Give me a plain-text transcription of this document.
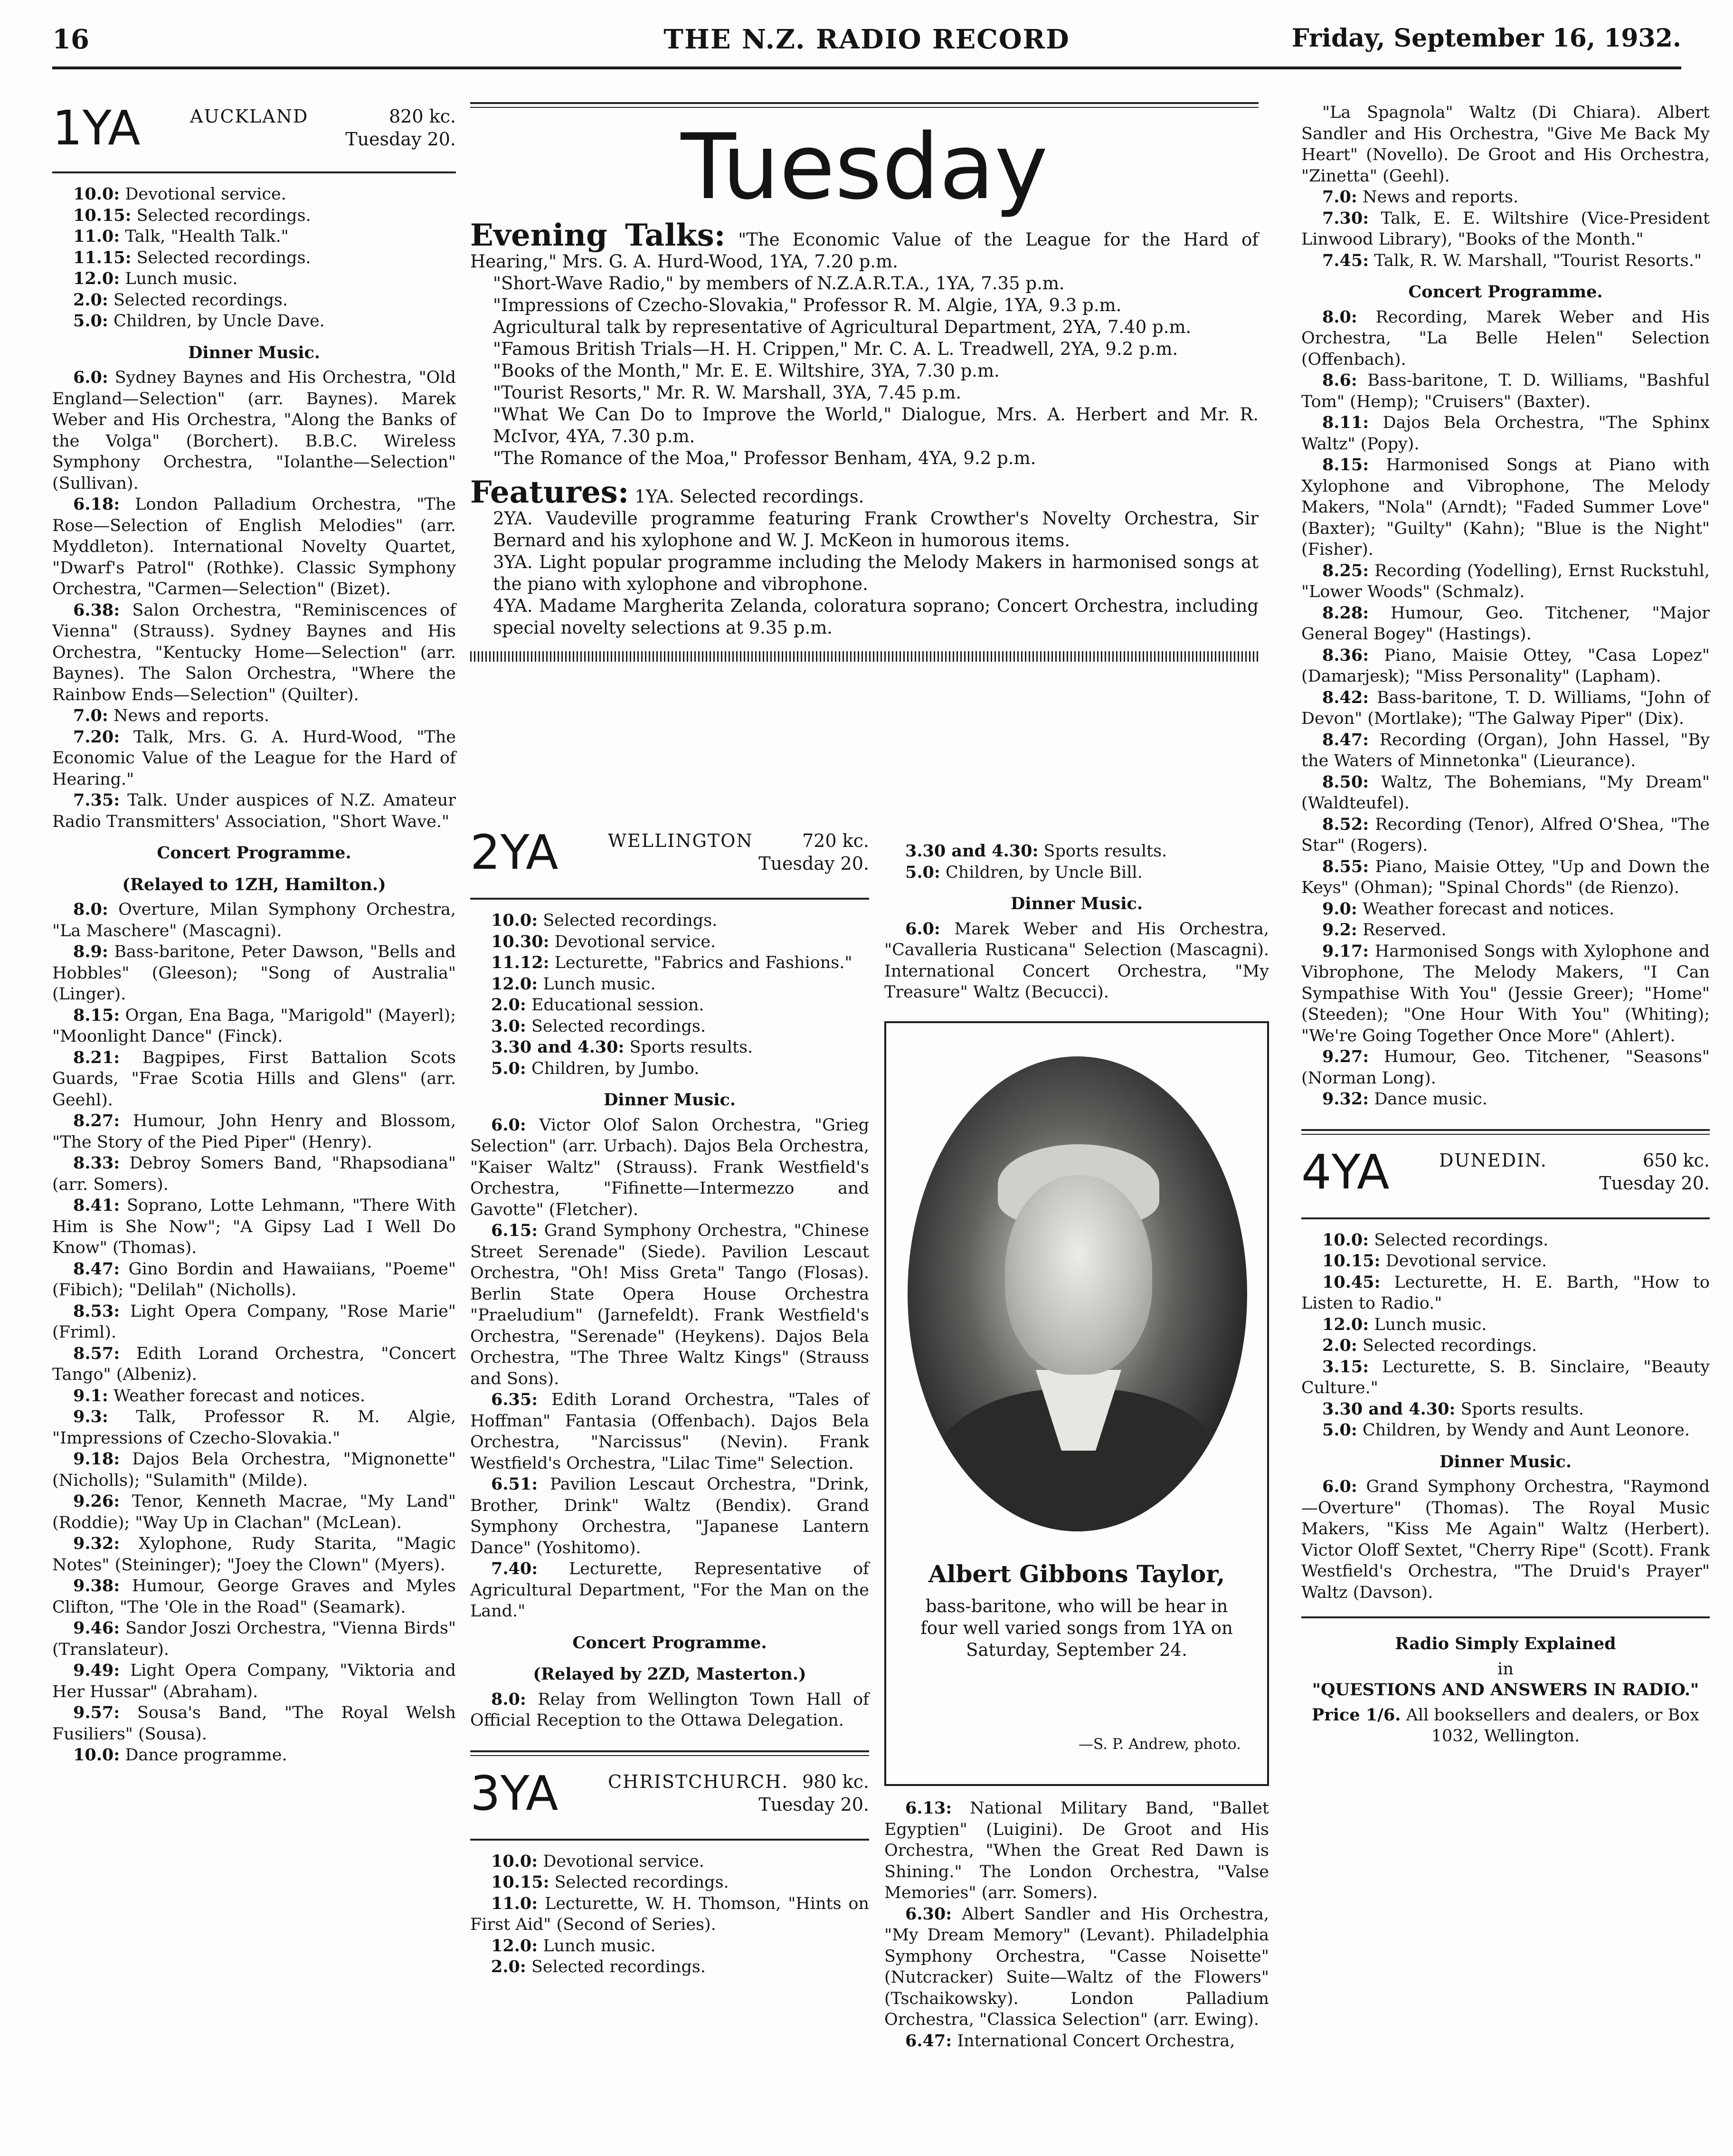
16	THE N.Z. RADIO RECORD	Friday, September 16, 1932.
1YA	AUCKLAND	820 kc.
Tuesday 20.

10.0: Devotional service.

10.15: Selected recordings.

11.0: Talk, "Health Talk."

11.15: Selected recordings.

12.0: Lunch music.

2.0: Selected recordings.

5.0: Children, by Uncle Dave.

Dinner Music.

6.0: Sydney Baynes and His Orchestra, "Old England—Selection" (arr. Baynes). Marek Weber and His Orchestra, "Along the Banks of the Volga" (Borchert). B.B.C. Wireless Symphony Orchestra, "Iolanthe—Selection" (Sullivan).

6.18: London Palladium Orchestra, "The Rose—Selection of English Melodies" (arr. Myddleton). International Novelty Quartet, "Dwarf's Patrol" (Rothke). Classic Symphony Orchestra, "Carmen—Selection" (Bizet).

6.38: Salon Orchestra, "Reminiscences of Vienna" (Strauss). Sydney Baynes and His Orchestra, "Kentucky Home—Selection" (arr. Baynes). The Salon Orchestra, "Where the Rainbow Ends—Selection" (Quilter).

7.0: News and reports.

7.20: Talk, Mrs. G. A. Hurd-Wood, "The Economic Value of the League for the Hard of Hearing."

7.35: Talk. Under auspices of N.Z. Amateur Radio Transmitters' Association, "Short Wave."

Concert Programme.

(Relayed to 1ZH, Hamilton.)

8.0: Overture, Milan Symphony Orchestra, "La Maschere" (Mascagni).

8.9: Bass-baritone, Peter Dawson, "Bells and Hobbles" (Gleeson); "Song of Australia" (Linger).

8.15: Organ, Ena Baga, "Marigold" (Mayerl); "Moonlight Dance" (Finck).

8.21: Bagpipes, First Battalion Scots Guards, "Frae Scotia Hills and Glens" (arr. Geehl).

8.27: Humour, John Henry and Blossom, "The Story of the Pied Piper" (Henry).

8.33: Debroy Somers Band, "Rhapsodiana" (arr. Somers).

8.41: Soprano, Lotte Lehmann, "There With Him is She Now"; "A Gipsy Lad I Well Do Know" (Thomas).

8.47: Gino Bordin and Hawaiians, "Poeme" (Fibich); "Delilah" (Nicholls).

8.53: Light Opera Company, "Rose Marie" (Friml).

8.57: Edith Lorand Orchestra, "Concert Tango" (Albeniz).

9.1: Weather forecast and notices.

9.3: Talk, Professor R. M. Algie, "Impressions of Czecho-Slovakia."

9.18: Dajos Bela Orchestra, "Mignonette" (Nicholls); "Sulamith" (Milde).

9.26: Tenor, Kenneth Macrae, "My Land" (Roddie); "Way Up in Clachan" (McLean).

9.32: Xylophone, Rudy Starita, "Magic Notes" (Steininger); "Joey the Clown" (Myers).

9.38: Humour, George Graves and Myles Clifton, "The 'Ole in the Road" (Seamark).

9.46: Sandor Joszi Orchestra, "Vienna Birds" (Translateur).

9.49: Light Opera Company, "Viktoria and Her Hussar" (Abraham).

9.57: Sousa's Band, "The Royal Welsh Fusiliers" (Sousa).

10.0: Dance programme.

Tuesday
Evening Talks: "The Economic Value of the League for the Hard of Hearing," Mrs. G. A. Hurd-Wood, 1YA, 7.20 p.m.
"Short-Wave Radio," by members of N.Z.A.R.T.A., 1YA, 7.35 p.m.
"Impressions of Czecho-Slovakia," Professor R. M. Algie, 1YA, 9.3 p.m.
Agricultural talk by representative of Agricultural Department, 2YA, 7.40 p.m.
"Famous British Trials—H. H. Crippen," Mr. C. A. L. Treadwell, 2YA, 9.2 p.m.
"Books of the Month," Mr. E. E. Wiltshire, 3YA, 7.30 p.m.
"Tourist Resorts," Mr. R. W. Marshall, 3YA, 7.45 p.m.
"What We Can Do to Improve the World," Dialogue, Mrs. A. Herbert and Mr. R. McIvor, 4YA, 7.30 p.m.
"The Romance of the Moa," Professor Benham, 4YA, 9.2 p.m.
Features: 1YA. Selected recordings.
2YA. Vaudeville programme featuring Frank Crowther's Novelty Orchestra, Sir Bernard and his xylophone and W. J. McKeon in humorous items.
3YA. Light popular programme including the Melody Makers in harmonised songs at the piano with xylophone and vibrophone.
4YA. Madame Margherita Zelanda, coloratura soprano; Concert Orchestra, including special novelty selections at 9.35 p.m.
2YA	WELLINGTON	720 kc.
Tuesday 20.

10.0: Selected recordings.

10.30: Devotional service.

11.12: Lecturette, "Fabrics and Fashions."

12.0: Lunch music.

2.0: Educational session.

3.0: Selected recordings.

3.30 and 4.30: Sports results.

5.0: Children, by Jumbo.

Dinner Music.

6.0: Victor Olof Salon Orchestra, "Grieg Selection" (arr. Urbach). Dajos Bela Orchestra, "Kaiser Waltz" (Strauss). Frank Westfield's Orchestra, "Fifinette—Intermezzo and Gavotte" (Fletcher).

6.15: Grand Symphony Orchestra, "Chinese Street Serenade" (Siede). Pavilion Lescaut Orchestra, "Oh! Miss Greta" Tango (Flosas). Berlin State Opera House Orchestra "Praeludium" (Jarnefeldt). Frank Westfield's Orchestra, "Serenade" (Heykens). Dajos Bela Orchestra, "The Three Waltz Kings" (Strauss and Sons).

6.35: Edith Lorand Orchestra, "Tales of Hoffman" Fantasia (Offenbach). Dajos Bela Orchestra, "Narcissus" (Nevin). Frank Westfield's Orchestra, "Lilac Time" Selection.

6.51: Pavilion Lescaut Orchestra, "Drink, Brother, Drink" Waltz (Bendix). Grand Symphony Orchestra, "Japanese Lantern Dance" (Yoshitomo).

7.40: Lecturette, Representative of Agricultural Department, "For the Man on the Land."

Concert Programme.

(Relayed by 2ZD, Masterton.)

8.0: Relay from Wellington Town Hall of Official Reception to the Ottawa Delegation.

3YA	CHRISTCHURCH. 980 kc.
Tuesday 20.

10.0: Devotional service.

10.15: Selected recordings.

11.0: Lecturette, W. H. Thomson, "Hints on First Aid" (Second of Series).

12.0: Lunch music.

2.0: Selected recordings.

3.30 and 4.30: Sports results.

5.0: Children, by Uncle Bill.

Dinner Music.

6.0: Marek Weber and His Orchestra, "Cavalleria Rusticana" Selection (Mascagni). International Concert Orchestra, "My Treasure" Waltz (Becucci).

Albert Gibbons Taylor,
bass-baritone, who will be hear in four well varied songs from 1YA on Saturday, September 24.
—S. P. Andrew, photo.

6.13: National Military Band, "Ballet Egyptien" (Luigini). De Groot and His Orchestra, "When the Great Red Dawn is Shining." The London Orchestra, "Valse Memories" (arr. Somers).

6.30: Albert Sandler and His Orchestra, "My Dream Memory" (Levant). Philadelphia Symphony Orchestra, "Casse Noisette" (Nutcracker) Suite—Waltz of the Flowers" (Tschaikowsky). London Palladium Orchestra, "Classica Selection" (arr. Ewing).

6.47: International Concert Orchestra,

"La Spagnola" Waltz (Di Chiara). Albert Sandler and His Orchestra, "Give Me Back My Heart" (Novello). De Groot and His Orchestra, "Zinetta" (Geehl).

7.0: News and reports.

7.30: Talk, E. E. Wiltshire (Vice-President Linwood Library), "Books of the Month."

7.45: Talk, R. W. Marshall, "Tourist Resorts."

Concert Programme.

8.0: Recording, Marek Weber and His Orchestra, "La Belle Helen" Selection (Offenbach).

8.6: Bass-baritone, T. D. Williams, "Bashful Tom" (Hemp); "Cruisers" (Baxter).

8.11: Dajos Bela Orchestra, "The Sphinx Waltz" (Popy).

8.15: Harmonised Songs at Piano with Xylophone and Vibrophone, The Melody Makers, "Nola" (Arndt); "Faded Summer Love" (Baxter); "Guilty" (Kahn); "Blue is the Night" (Fisher).

8.25: Recording (Yodelling), Ernst Ruckstuhl, "Lower Woods" (Schmalz).

8.28: Humour, Geo. Titchener, "Major General Bogey" (Hastings).

8.36: Piano, Maisie Ottey, "Casa Lopez" (Damarjesk); "Miss Personality" (Lapham).

8.42: Bass-baritone, T. D. Williams, "John of Devon" (Mortlake); "The Galway Piper" (Dix).

8.47: Recording (Organ), John Hassel, "By the Waters of Minnetonka" (Lieurance).

8.50: Waltz, The Bohemians, "My Dream" (Waldteufel).

8.52: Recording (Tenor), Alfred O'Shea, "The Star" (Rogers).

8.55: Piano, Maisie Ottey, "Up and Down the Keys" (Ohman); "Spinal Chords" (de Rienzo).

9.0: Weather forecast and notices.

9.2: Reserved.

9.17: Harmonised Songs with Xylophone and Vibrophone, The Melody Makers, "I Can Sympathise With You" (Jessie Greer); "Home" (Steeden); "One Hour With You" (Whiting); "We're Going Together Once More" (Ahlert).

9.27: Humour, Geo. Titchener, "Seasons" (Norman Long).

9.32: Dance music.

4YA	DUNEDIN.	650 kc.
Tuesday 20.

10.0: Selected recordings.

10.15: Devotional service.

10.45: Lecturette, H. E. Barth, "How to Listen to Radio."

12.0: Lunch music.

2.0: Selected recordings.

3.15: Lecturette, S. B. Sinclaire, "Beauty Culture."

3.30 and 4.30: Sports results.

5.0: Children, by Wendy and Aunt Leonore.

Dinner Music.

6.0: Grand Symphony Orchestra, "Raymond—Overture" (Thomas). The Royal Music Makers, "Kiss Me Again" Waltz (Herbert). Victor Oloff Sextet, "Cherry Ripe" (Scott). Frank Westfield's Orchestra, "The Druid's Prayer" Waltz (Davson).

Radio Simply Explained

in

"QUESTIONS AND ANSWERS IN RADIO."

Price 1/6. All booksellers and dealers, or Box 1032, Wellington.
